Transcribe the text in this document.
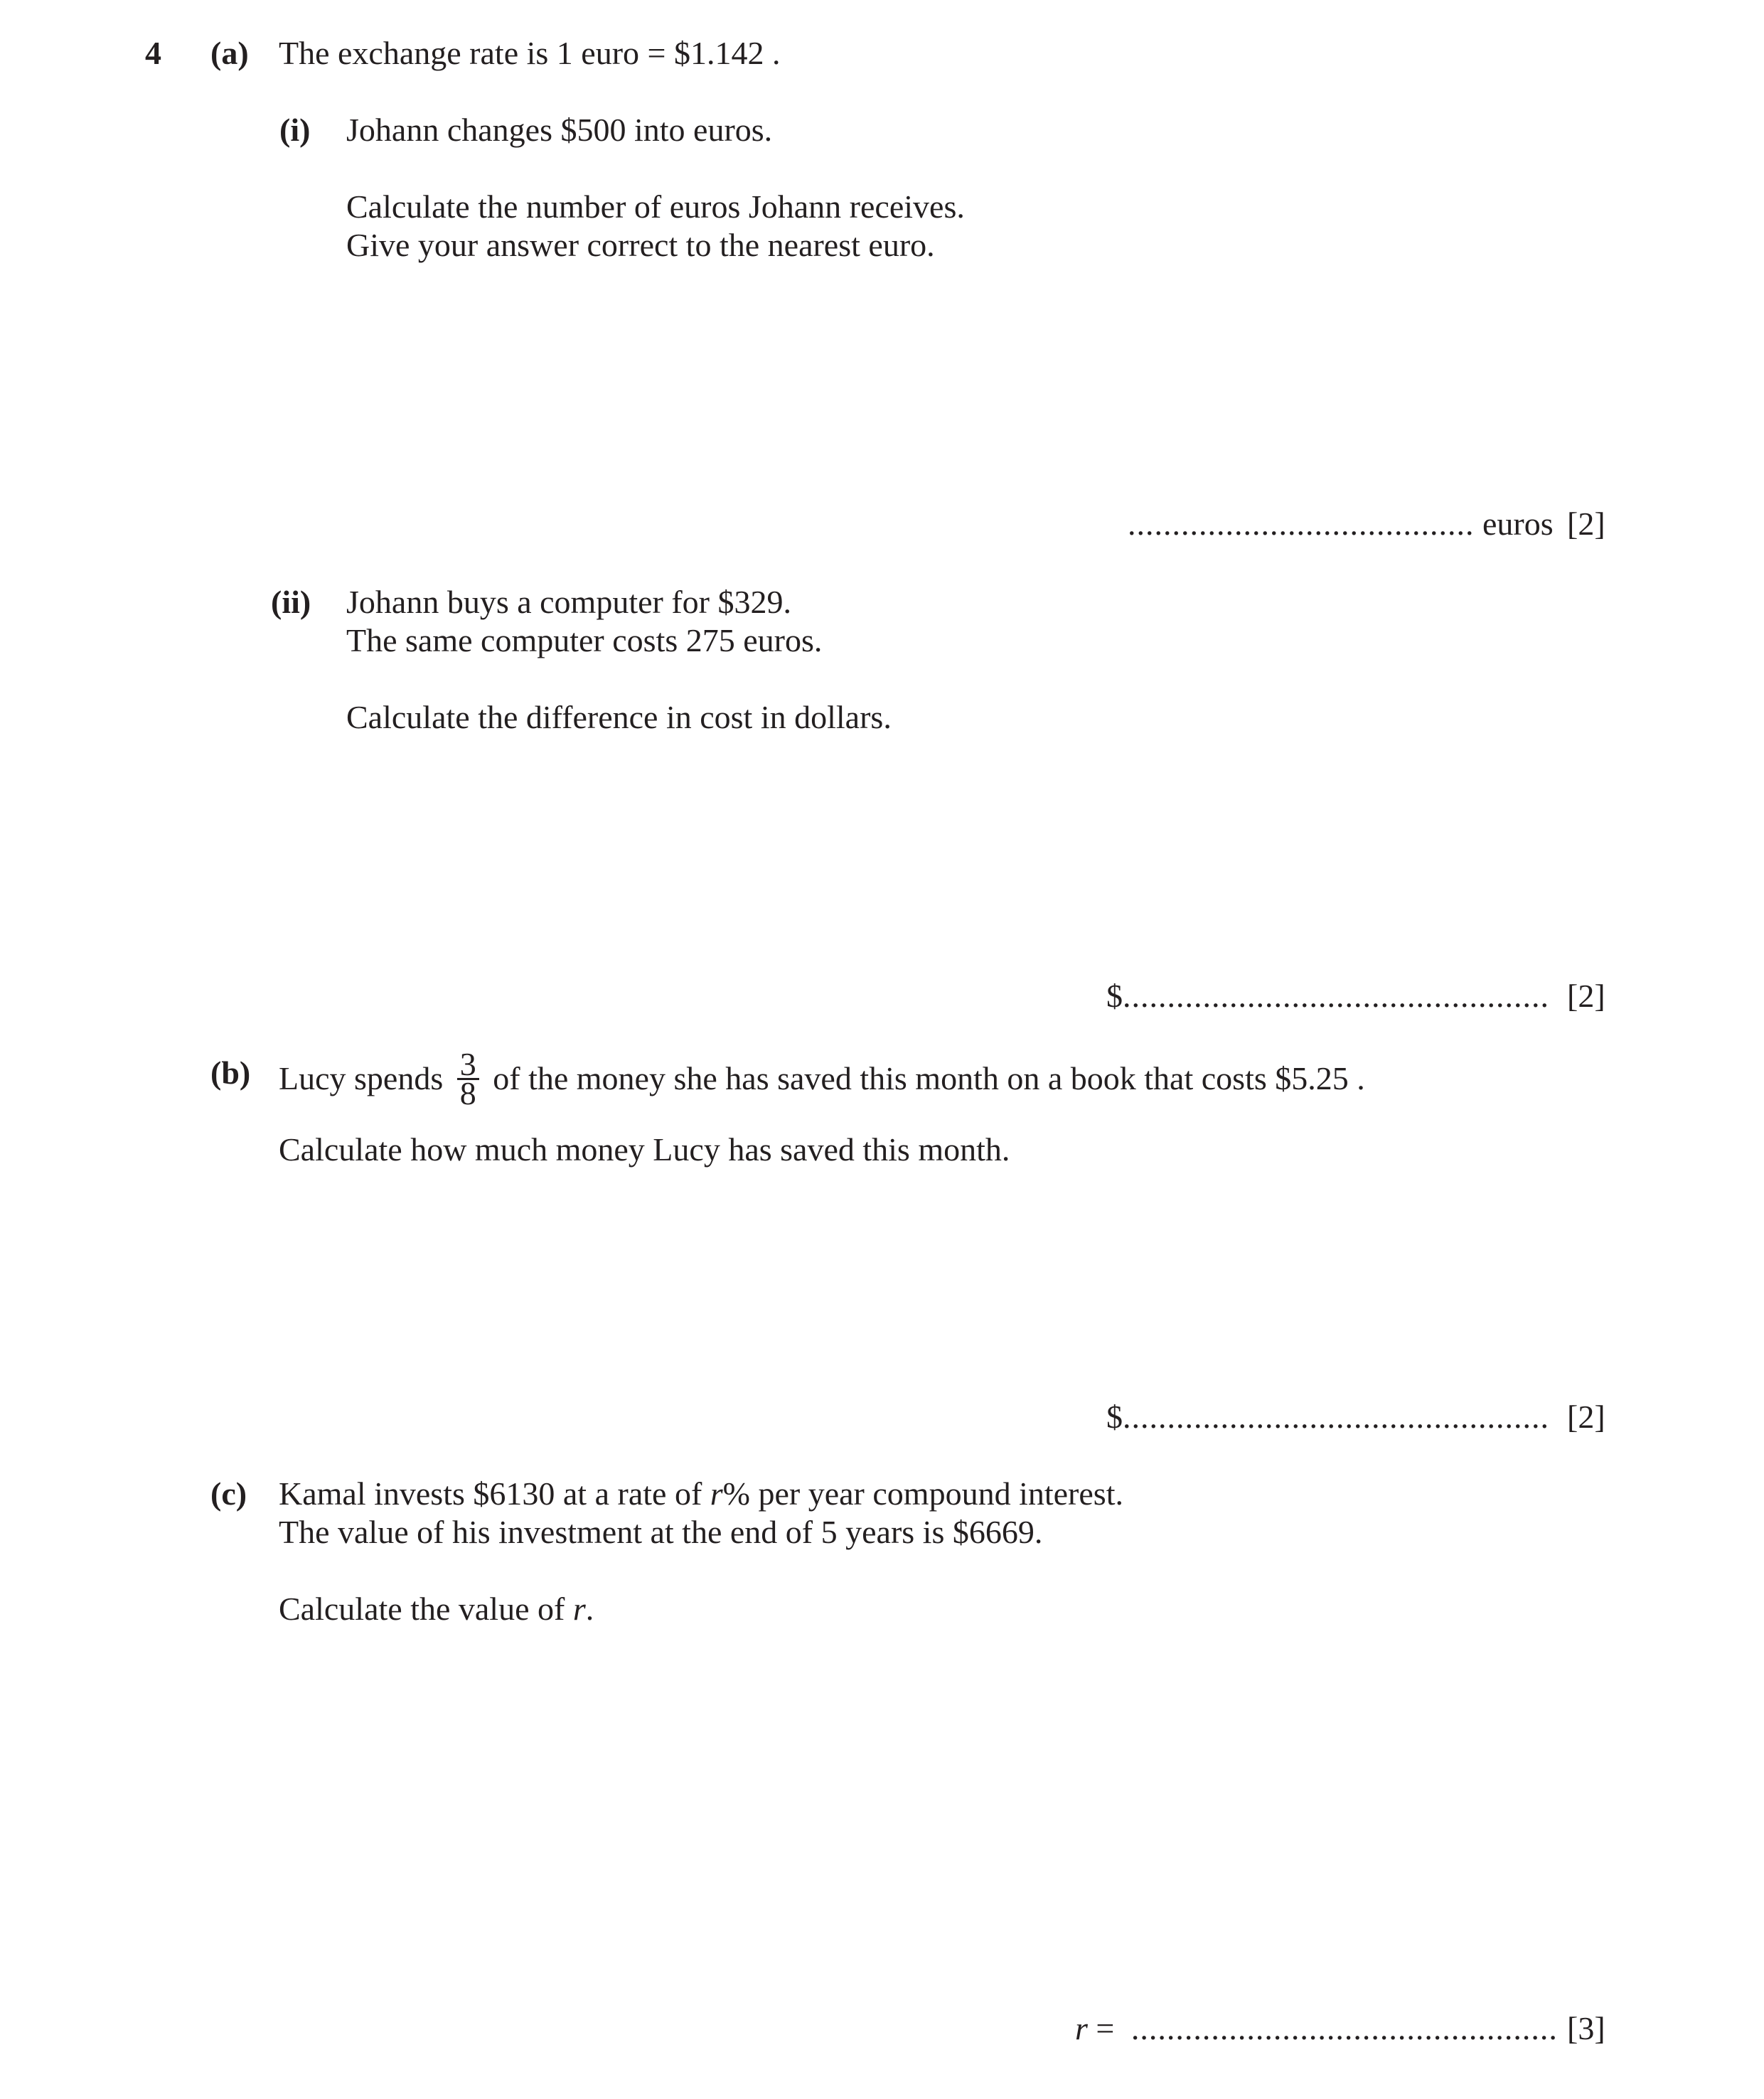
4 (a) The exchange rate is 1 euro = $1.142 .
(i) Johann changes $500 into euros.
Calculate the number of euros Johann receives.
Give your answer correct to the nearest euro.
....................................... euros [2]
(ii) Johann buys a computer for $329.
The same computer costs 275 euros.
Calculate the difference in cost in dollars.
$................................................ [2]
(b) Lucy spends $\frac{3}{8}$ of the money she has saved this month on a book that costs $5.25 .
Calculate how much money Lucy has saved this month.
$................................................ [2]
(c) Kamal invests $6130 at a rate of r% per year compound interest.
The value of his investment at the end of 5 years is $6669.
Calculate the value of r.
r = ................................................ [3]
